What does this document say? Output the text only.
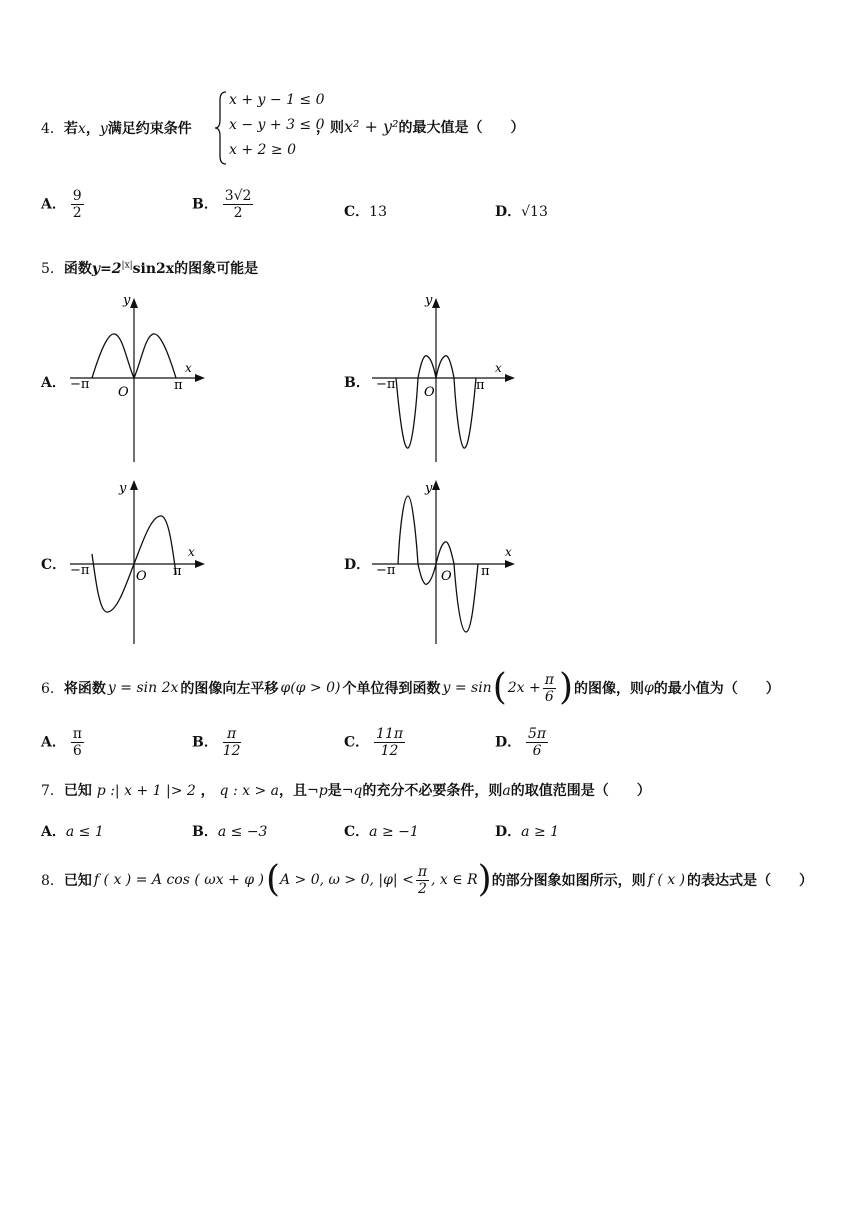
4．若x，y满足约束条件
x + y − 1 ≤ 0
x − y + 3 ≤ 0
x + 2 ≥ 0
，则x² + y²的最大值是（　　）
A． $\frac{9}{2}$	B． $\frac{3√2}{2}$	C．13	D．√13
5．函数$y=2^{|x|}\sin 2x$的图象可能是
A．	B．
C．	D．
y
x
O
−π	π
y
x
O
−π	π
y
x
O
−π	π
y
x
O
−π	π
6． 将函数 y = sin 2x 的图像向左平移 φ(φ > 0) 个单位得到函数 y = sin ( $2x + \frac{\pi}{6}$ ) 的图像，则 φ 的最小值为（　　）
A． $\frac{\pi}{6}$	B． $\frac{\pi}{12}$	C． $\frac{11\pi}{12}$	D． $\frac{5\pi}{6}$
7．已知 p :| x + 1 |> 2 ， q : x > a，且¬p是¬q的充分不必要条件，则a的取值范围是（　　）
A．a ≤ 1	B．a ≤ −3	C．a ≥ −1	D．a ≥ 1
8． 已知 f ( x ) = A cos ( ωx + φ ) ( A > 0, ω > 0, $|\varphi| < \frac{\pi}{2}$ , x ∈ R ) 的部分图象如图所示，则 f ( x ) 的表达式是（　　）
